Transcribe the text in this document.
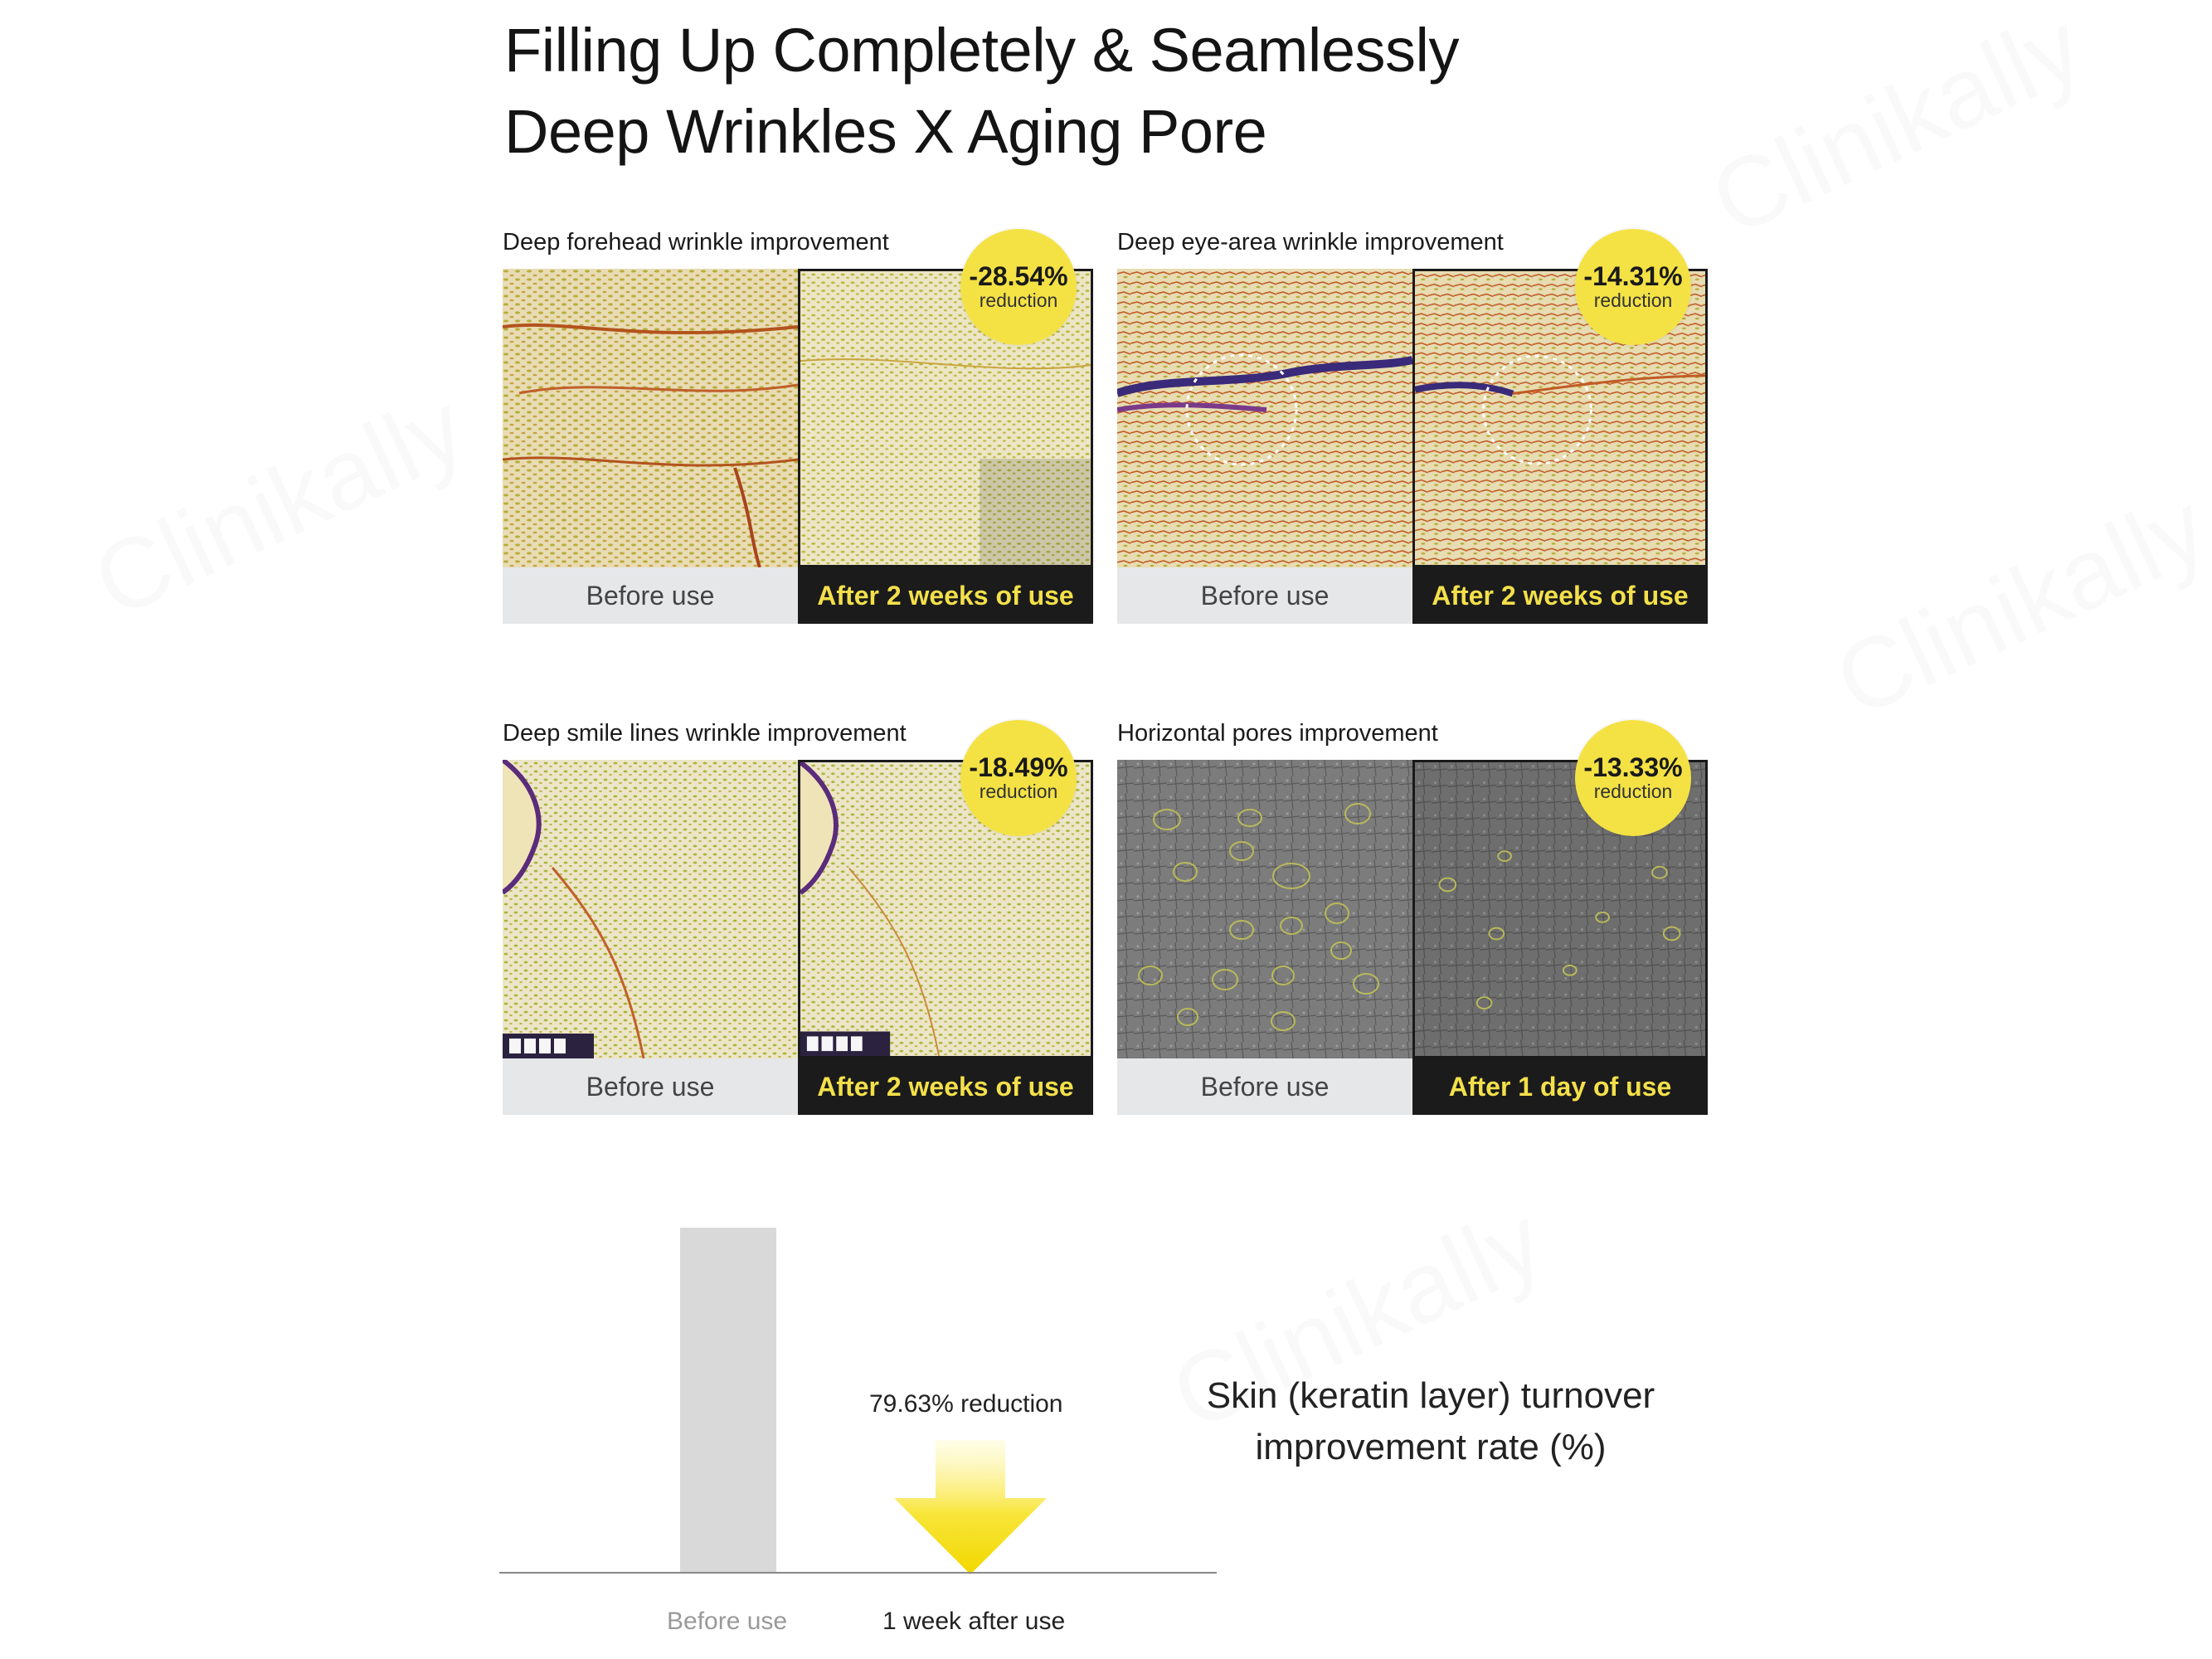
Filling Up Completely & Seamlessly
Deep Wrinkles X Aging Pore
Deep forehead wrinkle improvement
Before use	After 2 weeks of use
-28.54%
reduction
Deep eye-area wrinkle improvement
Before use	After 2 weeks of use
-14.31%
reduction
Deep smile lines wrinkle improvement
Before use	After 2 weeks of use
-18.49%
reduction
Horizontal pores improvement
Before use	After 1 day of use
-13.33%
reduction
79.63% reduction
Before use	1 week after use
Skin (keratin layer) turnover
improvement rate (%)
